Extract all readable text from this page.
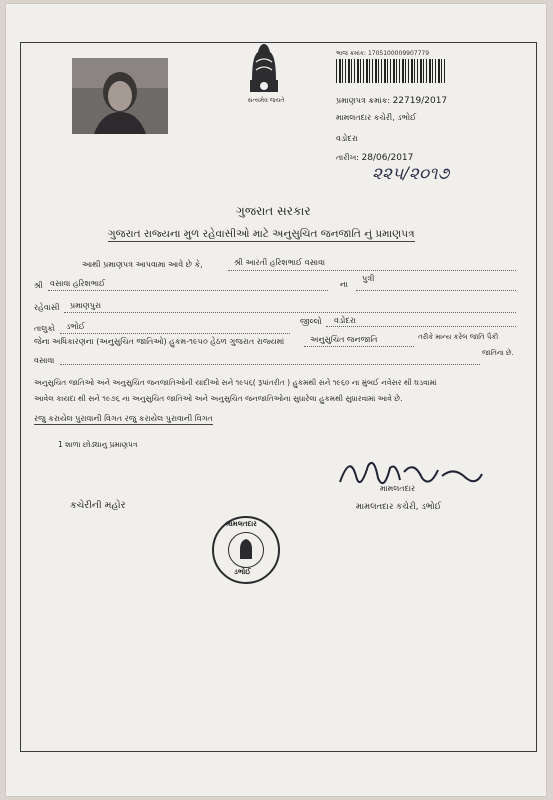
સત્યમેવ જયતે
ભાજ ક્રમાંક: 1705100009907779
પ્રમાણપત્ર ક્રમાંક: 22719/2017
મામલતદાર કચેરી, ડભોઈ
વડોદરા
તારીખ: 28/06/2017
૨૨૫/૨૦૧૭
ગુજરાત સરકાર
ગુજરાત રાજ્યના મુળ રહેવાસીઓ માટે અનુસુચિત જનજાતિ નું પ્રમાણપત્ર
આથી પ્રમાણપત્ર આપવામા આવે છે કે,	શ્રી આરતી હરિશભાઈ વસાવા
શ્રી વસાવા હરિશભાઈ	ના
પુત્રી
રહેવાસી પ્રમાણપુરા
તાલુકો ડભોઈ
જીલ્લો વડોદરા
જેના અધિકારણના (અનુસુચિત જાતિઓ) હુકમ-૧૯૫૦ હેઠળ ગુજરાત રાજ્યમાં	અનુસુચિત જનજાતિ	તરીકે માન્ય કરેલ જાતિ પૈકી
વસાવા
જાતિના છે.
અનુસુચિત જાતિઓ અને અનુસુચિત જનજાતિઓની યાદીઓ સને ૧૯૫૬( રૂપાંતરીત ) હુકમથી સને ૧૯૬૦ ના મુંબઈ નવેસર થી ઘડવામાં
આવેલ કાયદા થી સને ૧૯૭૬ ના અનુસુચિત જાતિઓ અને અનુસુચિત જનજાતિઓના સુધારેલા હુકમથી સુધારવામાં આવે છે.
રજુ કરાયેલ પુરાવાની વિગત રજુ કરાયેલ પુરાવાની વિગત
1 શાળા છોડ્યાનુ પ્રમાણપત્ર
મામલતદાર
કચેરીની મહોર	મામલતદાર કચેરી, ડભોઈ
મામલતદાર
ડભોઈ
